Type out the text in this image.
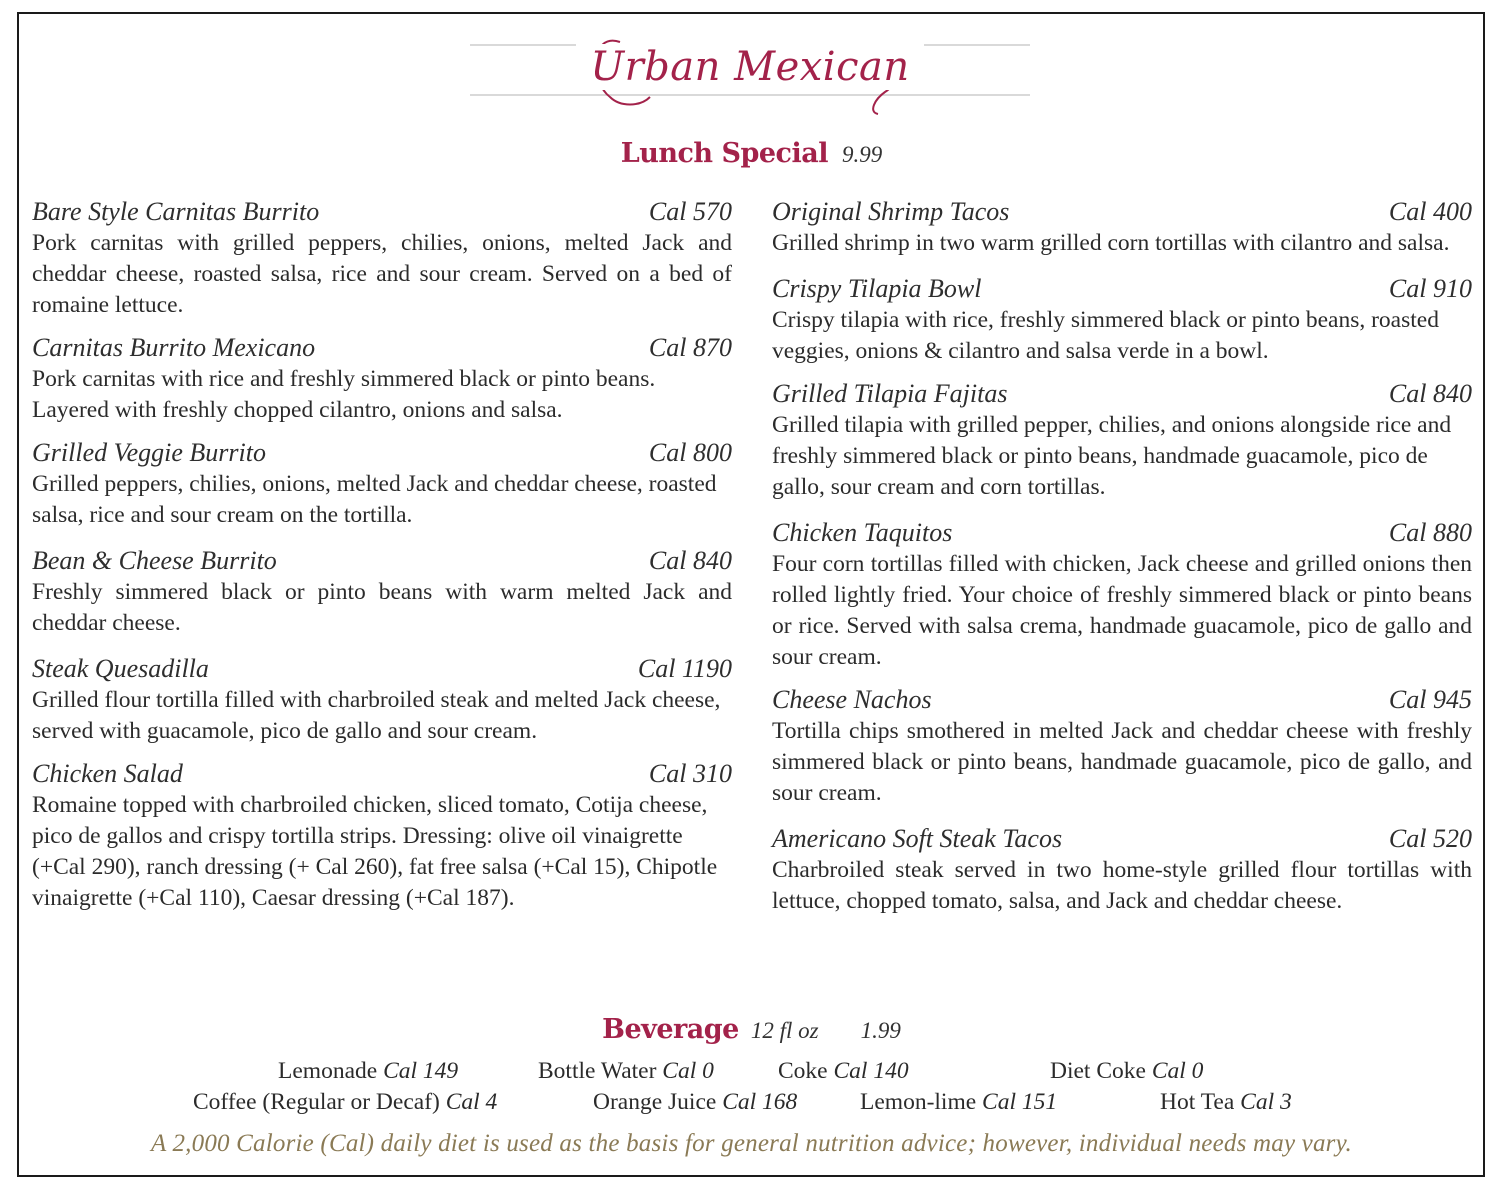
Urban Mexican
Lunch Special 9.99
Bare Style Carnitas Burrito	Cal 570
Pork carnitas with grilled peppers, chilies, onions, melted Jack and cheddar cheese, roasted salsa, rice and sour cream. Served on a bed of romaine lettuce.
Carnitas Burrito Mexicano	Cal 870
Pork carnitas with rice and freshly simmered black or pinto beans. Layered with freshly chopped cilantro, onions and salsa.
Grilled Veggie Burrito	Cal 800
Grilled peppers, chilies, onions, melted Jack and cheddar cheese, roasted salsa, rice and sour cream on the tortilla.
Bean & Cheese Burrito	Cal 840
Freshly simmered black or pinto beans with warm melted Jack and cheddar cheese.
Steak Quesadilla	Cal 1190
Grilled flour tortilla filled with charbroiled steak and melted Jack cheese, served with guacamole, pico de gallo and sour cream.
Chicken Salad	Cal 310
Romaine topped with charbroiled chicken, sliced tomato, Cotija cheese, pico de gallos and crispy tortilla strips. Dressing: olive oil vinaigrette (+Cal 290), ranch dressing (+ Cal 260), fat free salsa (+Cal 15), Chipotle vinaigrette (+Cal 110), Caesar dressing (+Cal 187).
Original Shrimp Tacos	Cal 400
Grilled shrimp in two warm grilled corn tortillas with cilantro and salsa.
Crispy Tilapia Bowl	Cal 910
Crispy tilapia with rice, freshly simmered black or pinto beans, roasted veggies, onions & cilantro and salsa verde in a bowl.
Grilled Tilapia Fajitas	Cal 840
Grilled tilapia with grilled pepper, chilies, and onions alongside rice and freshly simmered black or pinto beans, handmade guacamole, pico de gallo, sour cream and corn tortillas.
Chicken Taquitos	Cal 880
Four corn tortillas filled with chicken, Jack cheese and grilled onions then rolled lightly fried. Your choice of freshly simmered black or pinto beans or rice. Served with salsa crema, handmade guacamole, pico de gallo and sour cream.
Cheese Nachos	Cal 945
Tortilla chips smothered in melted Jack and cheddar cheese with freshly simmered black or pinto beans, handmade guacamole, pico de gallo, and sour cream.
Americano Soft Steak Tacos	Cal 520
Charbroiled steak served in two home-style grilled flour tortillas with lettuce, chopped tomato, salsa, and Jack and cheddar cheese.
Beverage 12 fl oz 1.99
Lemonade Cal 149	Bottle Water Cal 0	Coke Cal 140	Diet Coke Cal 0
Coffee (Regular or Decaf) Cal 4	Orange Juice Cal 168	Lemon-lime Cal 151	Hot Tea Cal 3
A 2,000 Calorie (Cal) daily diet is used as the basis for general nutrition advice; however, individual needs may vary.
